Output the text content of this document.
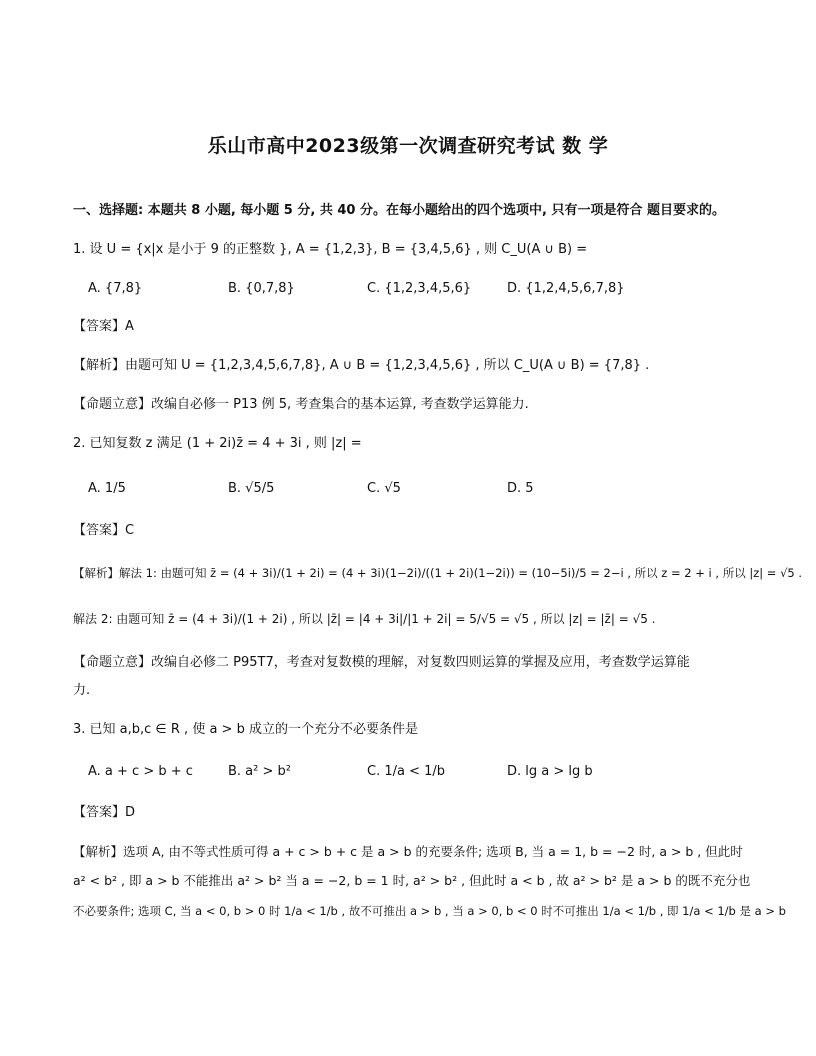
乐山市高中2023级第一次调查研究考试 数 学
一、选择题: 本题共 8 小题, 每小题 5 分, 共 40 分。在每小题给出的四个选项中, 只有一项是符合 题目要求的。
1. 设 U = {x|x 是小于 9 的正整数 }, A = {1,2,3}, B = {3,4,5,6} , 则 C_U(A ∪ B) =
A. {7,8}	B. {0,7,8}	C. {1,2,3,4,5,6}	D. {1,2,4,5,6,7,8}
【答案】A
【解析】由题可知 U = {1,2,3,4,5,6,7,8}, A ∪ B = {1,2,3,4,5,6} , 所以 C_U(A ∪ B) = {7,8} .
【命题立意】改编自必修一 P13 例 5, 考查集合的基本运算, 考查数学运算能力.
2. 已知复数 z 满足 (1 + 2i)z̄ = 4 + 3i , 则 |z| =
A. 1/5	B. √5/5	C. √5	D. 5
【答案】C
【解析】解法 1: 由题可知 z̄ = (4 + 3i)/(1 + 2i) = (4 + 3i)(1−2i)/((1 + 2i)(1−2i)) = (10−5i)/5 = 2−i , 所以 z = 2 + i , 所以 |z| = √5 .
解法 2: 由题可知 z̄ = (4 + 3i)/(1 + 2i) , 所以 |z̄| = |4 + 3i|/|1 + 2i| = 5/√5 = √5 , 所以 |z| = |z̄| = √5 .
【命题立意】改编自必修二 P95T7，考查对复数模的理解，对复数四则运算的掌握及应用，考查数学运算能
力.
3. 已知 a,b,c ∈ R , 使 a > b 成立的一个充分不必要条件是
A. a + c > b + c	B. a² > b²	C. 1/a < 1/b	D. lg a > lg b
【答案】D
【解析】选项 A, 由不等式性质可得 a + c > b + c 是 a > b 的充要条件; 选项 B, 当 a = 1, b = −2 时, a > b , 但此时
a² < b² , 即 a > b 不能推出 a² > b² 当 a = −2, b = 1 时, a² > b² , 但此时 a < b , 故 a² > b² 是 a > b 的既不充分也
不必要条件; 选项 C, 当 a < 0, b > 0 时 1/a < 1/b , 故不可推出 a > b , 当 a > 0, b < 0 时不可推出 1/a < 1/b , 即 1/a < 1/b 是 a > b
